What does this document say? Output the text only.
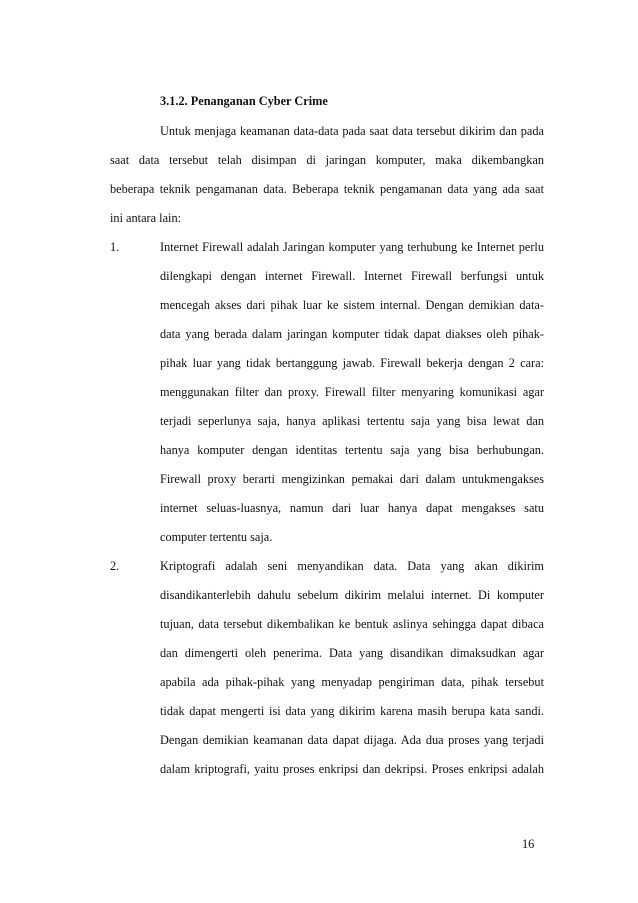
3.1.2. Penanganan Cyber Crime
Untuk menjaga keamanan data-data pada saat data tersebut dikirim dan pada
saat data tersebut telah disimpan di jaringan komputer, maka dikembangkan
beberapa teknik pengamanan data. Beberapa teknik pengamanan data yang ada saat
ini antara lain:
1.	Internet Firewall adalah Jaringan komputer yang terhubung ke Internet perlu
dilengkapi dengan internet Firewall. Internet Firewall berfungsi untuk
mencegah akses dari pihak luar ke sistem internal. Dengan demikian data-
data yang berada dalam jaringan komputer tidak dapat diakses oleh pihak-
pihak luar yang tidak bertanggung jawab. Firewall bekerja dengan 2 cara:
menggunakan filter dan proxy. Firewall filter menyaring komunikasi agar
terjadi seperlunya saja, hanya aplikasi tertentu saja yang bisa lewat dan
hanya komputer dengan identitas tertentu saja yang bisa berhubungan.
Firewall proxy berarti mengizinkan pemakai dari dalam untukmengakses
internet seluas-luasnya, namun dari luar hanya dapat mengakses satu
computer tertentu saja.
2.	Kriptografi adalah seni menyandikan data. Data yang akan dikirim
disandikanterlebih dahulu sebelum dikirim melalui internet. Di komputer
tujuan, data tersebut dikembalikan ke bentuk aslinya sehingga dapat dibaca
dan dimengerti oleh penerima. Data yang disandikan dimaksudkan agar
apabila ada pihak-pihak yang menyadap pengiriman data, pihak tersebut
tidak dapat mengerti isi data yang dikirim karena masih berupa kata sandi.
Dengan demikian keamanan data dapat dijaga. Ada dua proses yang terjadi
dalam kriptografi, yaitu proses enkripsi dan dekripsi. Proses enkripsi adalah
16
